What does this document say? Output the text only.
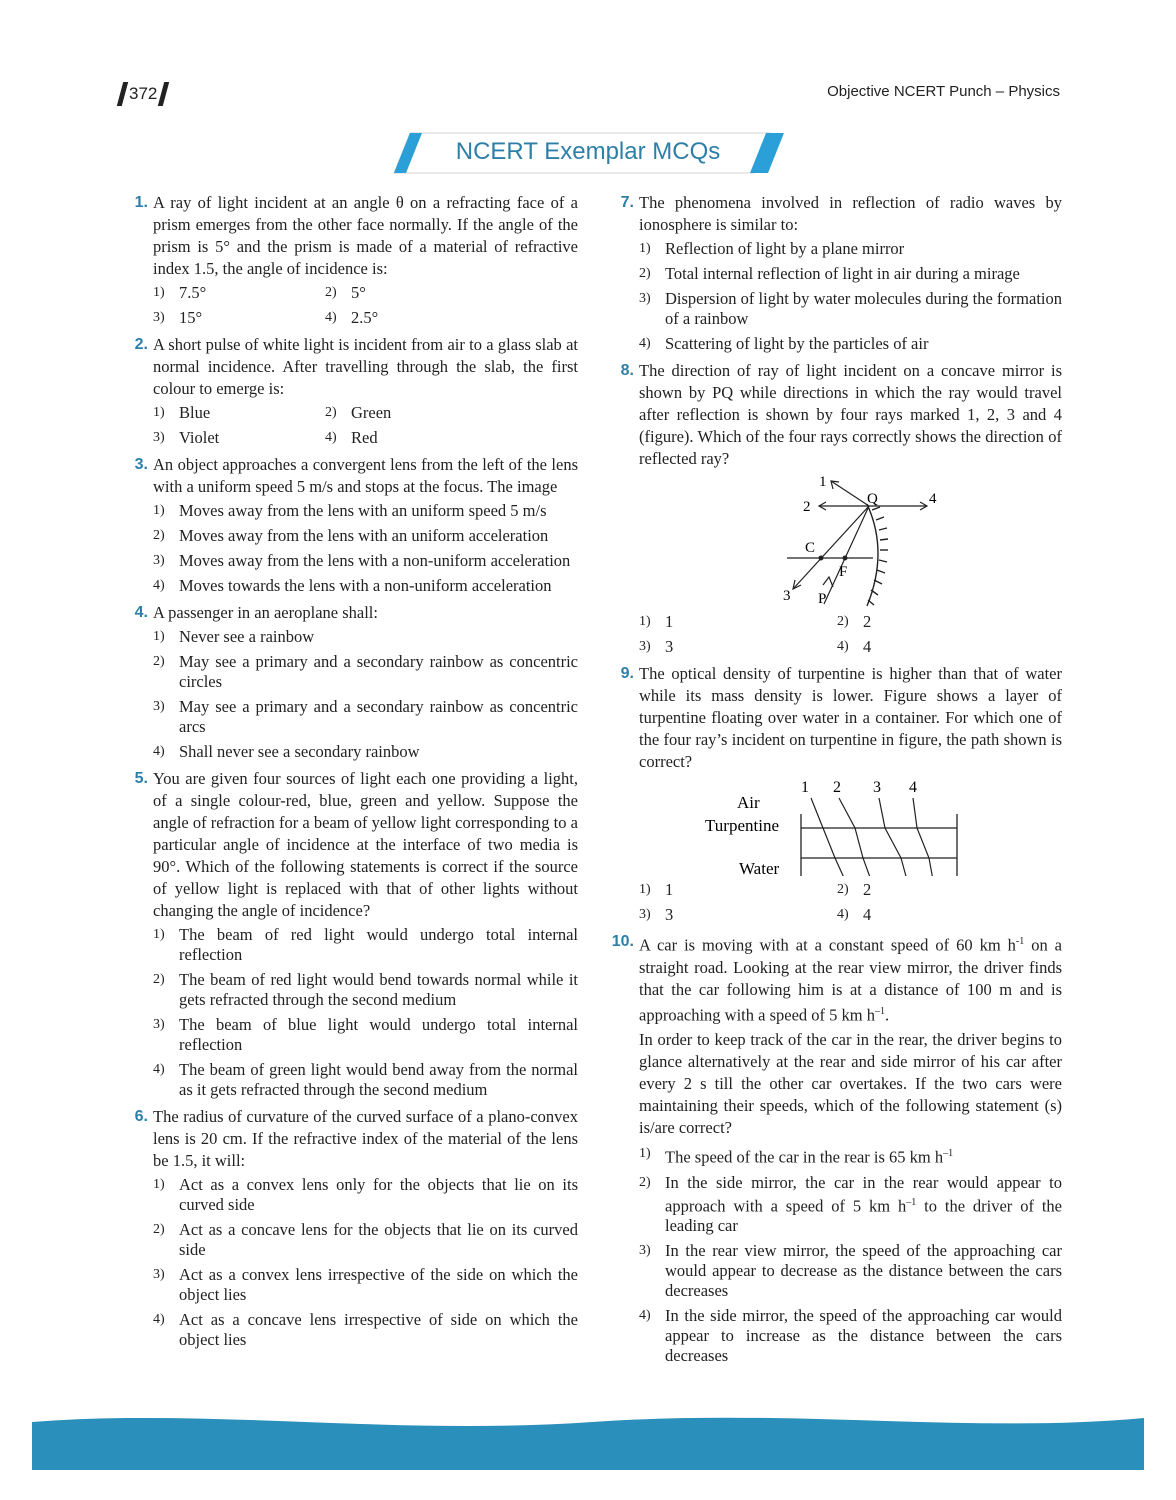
372	Objective NCERT Punch – Physics
NCERT Exemplar MCQs
1. A ray of light incident at an angle θ on a refracting face of a prism emerges from the other face normally. If the angle of the prism is 5° and the prism is made of a material of refractive index 1.5, the angle of incidence is:
1) 7.5°	2) 5°
3) 15°	4) 2.5°
2. A short pulse of white light is incident from air to a glass slab at normal incidence. After travelling through the slab, the first colour to emerge is:
1) Blue	2) Green
3) Violet	4) Red
3. An object approaches a convergent lens from the left of the lens with a uniform speed 5 m/s and stops at the focus. The image
1) Moves away from the lens with an uniform speed 5 m/s
2) Moves away from the lens with an uniform acceleration
3) Moves away from the lens with a non-uniform acceleration
4) Moves towards the lens with a non-uniform acceleration
4. A passenger in an aeroplane shall:
1) Never see a rainbow
2) May see a primary and a secondary rainbow as concentric circles
3) May see a primary and a secondary rainbow as concentric arcs
4) Shall never see a secondary rainbow
5. You are given four sources of light each one providing a light, of a single colour-red, blue, green and yellow. Suppose the angle of refraction for a beam of yellow light corresponding to a particular angle of incidence at the interface of two media is 90°. Which of the following statements is correct if the source of yellow light is replaced with that of other lights without changing the angle of incidence?
1) The beam of red light would undergo total internal reflection
2) The beam of red light would bend towards normal while it gets refracted through the second medium
3) The beam of blue light would undergo total internal reflection
4) The beam of green light would bend away from the normal as it gets refracted through the second medium
6. The radius of curvature of the curved surface of a plano-convex lens is 20 cm. If the refractive index of the material of the lens be 1.5, it will:
1) Act as a convex lens only for the objects that lie on its curved side
2) Act as a concave lens for the objects that lie on its curved side
3) Act as a convex lens irrespective of the side on which the object lies
4) Act as a concave lens irrespective of side on which the object lies
7. The phenomena involved in reflection of radio waves by ionosphere is similar to:
1) Reflection of light by a plane mirror
2) Total internal reflection of light in air during a mirage
3) Dispersion of light by water molecules during the formation of a rainbow
4) Scattering of light by the particles of air
8. The direction of ray of light incident on a concave mirror is shown by PQ while directions in which the ray would travel after reflection is shown by four rays marked 1, 2, 3 and 4 (figure). Which of the four rays correctly shows the direction of reflected ray?
1
2
3
4
Q
C
F
P
1) 1	2) 2
3) 3	4) 4
9. The optical density of turpentine is higher than that of water while its mass density is lower. Figure shows a layer of turpentine floating over water in a container. For which one of the four ray’s incident on turpentine in figure, the path shown is correct?
Air
Turpentine
Water
1 2 3 4
1) 1	2) 2
3) 3	4) 4
10. A car is moving with at a constant speed of 60 km $h^{-1}$ on a straight road. Looking at the rear view mirror, the driver finds that the car following him is at a distance of 100 m and is approaching with a speed of 5 km $h^{-1}$.
In order to keep track of the car in the rear, the driver begins to glance alternatively at the rear and side mirror of his car after every 2 s till the other car overtakes. If the two cars were maintaining their speeds, which of the following statement (s) is/are correct?
1) The speed of the car in the rear is 65 km $h^{-1}$
2) In the side mirror, the car in the rear would appear to approach with a speed of 5 km $h^{-1}$ to the driver of the leading car
3) In the rear view mirror, the speed of the approaching car would appear to decrease as the distance between the cars decreases
4) In the side mirror, the speed of the approaching car would appear to increase as the distance between the cars decreases
